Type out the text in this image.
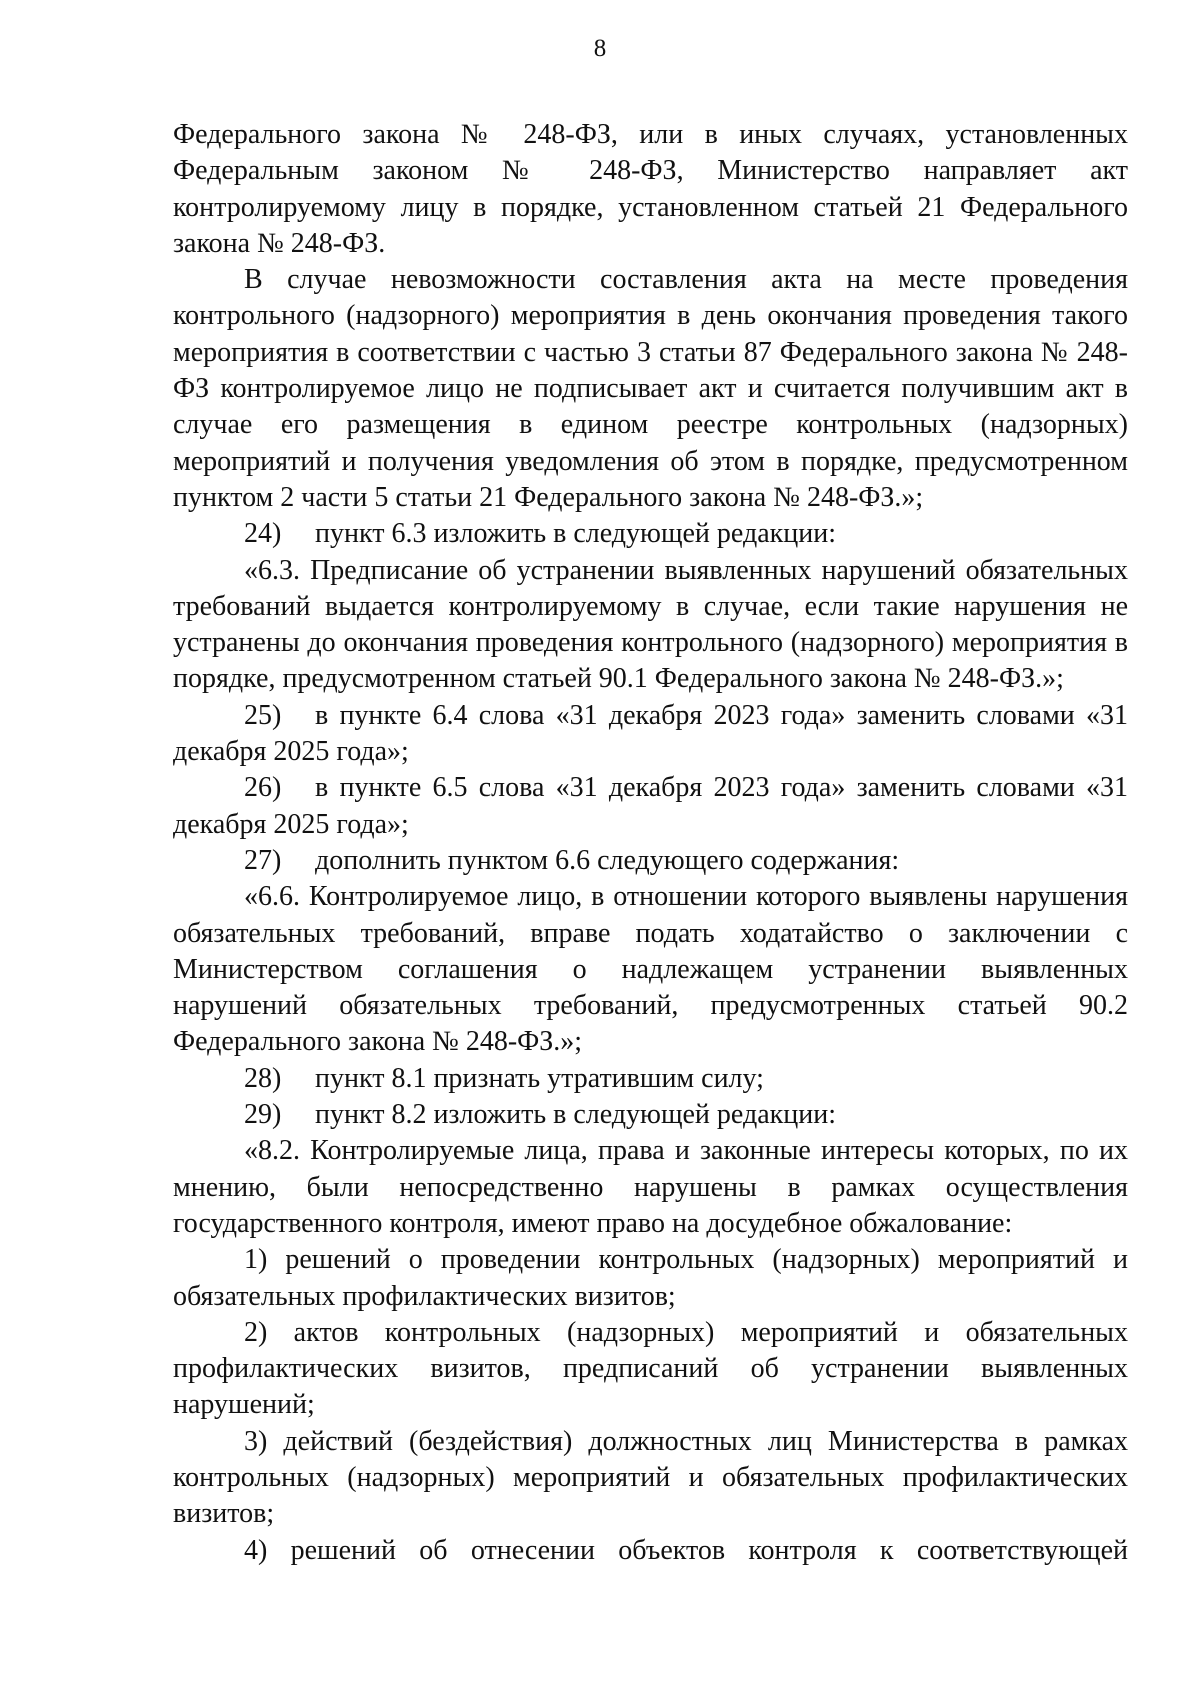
8

Федерального закона № 248-ФЗ, или в иных случаях, установленных Федеральным законом № 248-ФЗ, Министерство направляет акт контролируемому лицу в порядке, установленном статьей 21 Федерального закона № 248-ФЗ.

В случае невозможности составления акта на месте проведения контрольного (надзорного) мероприятия в день окончания проведения такого мероприятия в соответствии с частью 3 статьи 87 Федерального закона № 248-ФЗ контролируемое лицо не подписывает акт и считается получившим акт в случае его размещения в едином реестре контрольных (надзорных) мероприятий и получения уведомления об этом в порядке, предусмотренном пунктом 2 части 5 статьи 21 Федерального закона № 248-ФЗ.»;

24) пункт 6.3 изложить в следующей редакции:

«6.3. Предписание об устранении выявленных нарушений обязательных требований выдается контролируемому в случае, если такие нарушения не устранены до окончания проведения контрольного (надзорного) мероприятия в порядке, предусмотренном статьей 90.1 Федерального закона № 248-ФЗ.»;

25) в пункте 6.4 слова «31 декабря 2023 года» заменить словами «31 декабря 2025 года»;

26) в пункте 6.5 слова «31 декабря 2023 года» заменить словами «31 декабря 2025 года»;

27) дополнить пунктом 6.6 следующего содержания:

«6.6. Контролируемое лицо, в отношении которого выявлены нарушения обязательных требований, вправе подать ходатайство о заключении с Министерством соглашения о надлежащем устранении выявленных нарушений обязательных требований, предусмотренных статьей 90.2 Федерального закона № 248-ФЗ.»;

28) пункт 8.1 признать утратившим силу;

29) пункт 8.2 изложить в следующей редакции:

«8.2. Контролируемые лица, права и законные интересы которых, по их мнению, были непосредственно нарушены в рамках осуществления государственного контроля, имеют право на досудебное обжалование:

1) решений о проведении контрольных (надзорных) мероприятий и обязательных профилактических визитов;

2) актов контрольных (надзорных) мероприятий и обязательных профилактических визитов, предписаний об устранении выявленных нарушений;

3) действий (бездействия) должностных лиц Министерства в рамках контрольных (надзорных) мероприятий и обязательных профилактических визитов;

4) решений об отнесении объектов контроля к соответствующей
